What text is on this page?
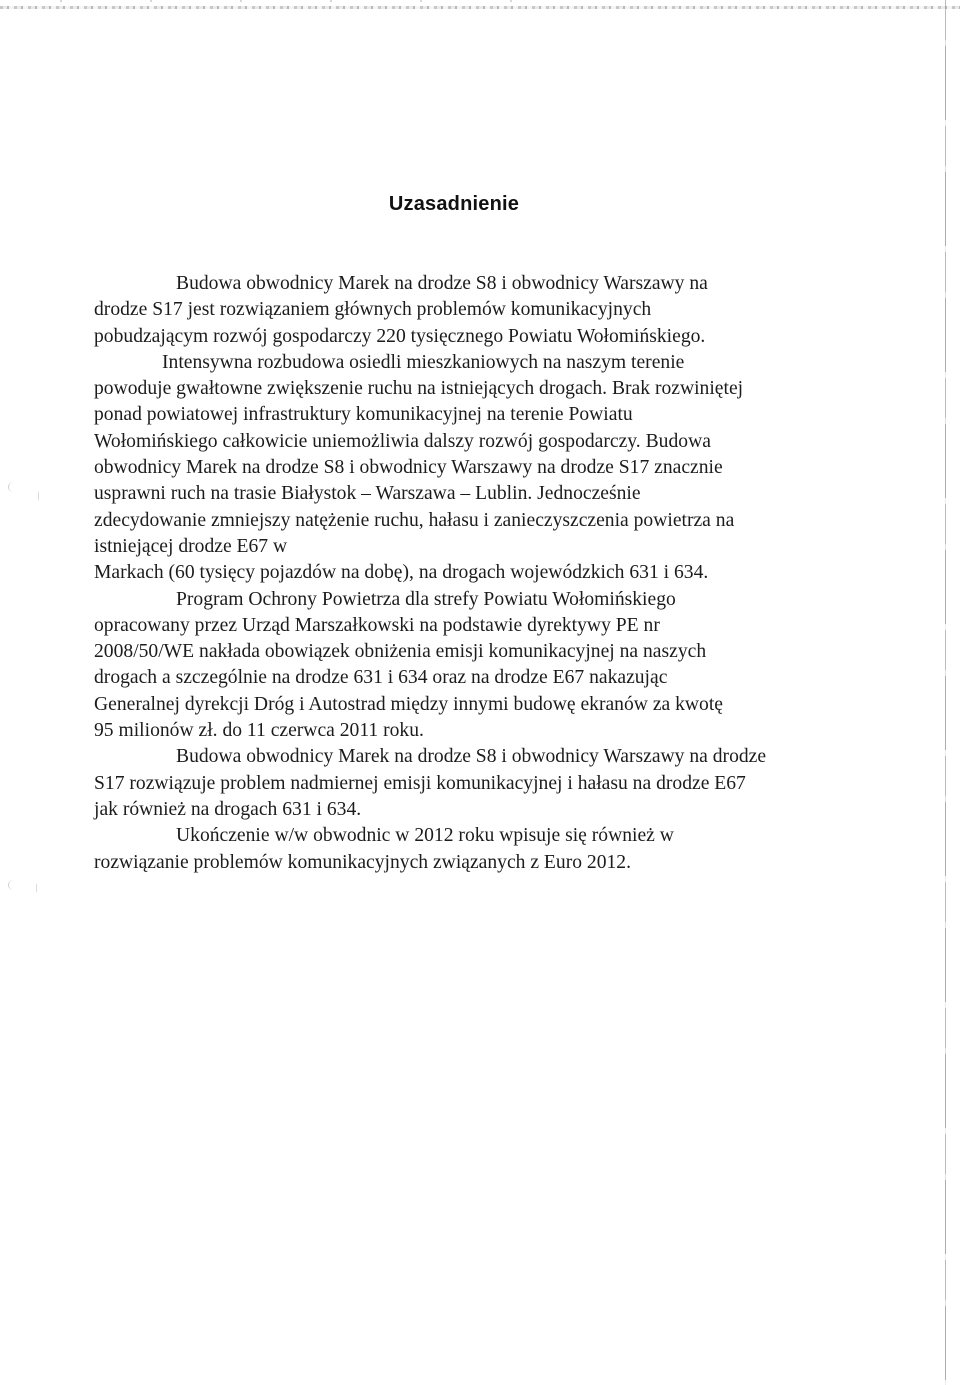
Uzasadnienie
Budowa obwodnicy Marek na drodze S8 i obwodnicy Warszawy na
drodze S17 jest rozwiązaniem głównych problemów komunikacyjnych
pobudzającym rozwój gospodarczy 220 tysięcznego Powiatu Wołomińskiego.
Intensywna rozbudowa osiedli mieszkaniowych na naszym terenie
powoduje gwałtowne zwiększenie ruchu na istniejących drogach. Brak rozwiniętej
ponad powiatowej infrastruktury komunikacyjnej na terenie Powiatu
Wołomińskiego całkowicie uniemożliwia dalszy rozwój gospodarczy. Budowa
obwodnicy Marek na drodze S8 i obwodnicy Warszawy na drodze S17 znacznie
usprawni ruch na trasie Białystok – Warszawa – Lublin. Jednocześnie
zdecydowanie zmniejszy natężenie ruchu, hałasu i zanieczyszczenia powietrza na
istniejącej drodze E67 w
Markach (60 tysięcy pojazdów na dobę), na drogach wojewódzkich 631 i 634.
Program Ochrony Powietrza dla strefy Powiatu Wołomińskiego
opracowany przez Urząd Marszałkowski na podstawie dyrektywy PE nr
2008/50/WE nakłada obowiązek obniżenia emisji komunikacyjnej na naszych
drogach a szczególnie na drodze 631 i 634 oraz na drodze E67 nakazując
Generalnej dyrekcji Dróg i Autostrad między innymi budowę ekranów za kwotę
95 milionów zł. do 11 czerwca 2011 roku.
Budowa obwodnicy Marek na drodze S8 i obwodnicy Warszawy na drodze
S17 rozwiązuje problem nadmiernej emisji komunikacyjnej i hałasu na drodze E67
jak również na drogach 631 i 634.
Ukończenie w/w obwodnic w 2012 roku wpisuje się również w
rozwiązanie problemów komunikacyjnych związanych z Euro 2012.
